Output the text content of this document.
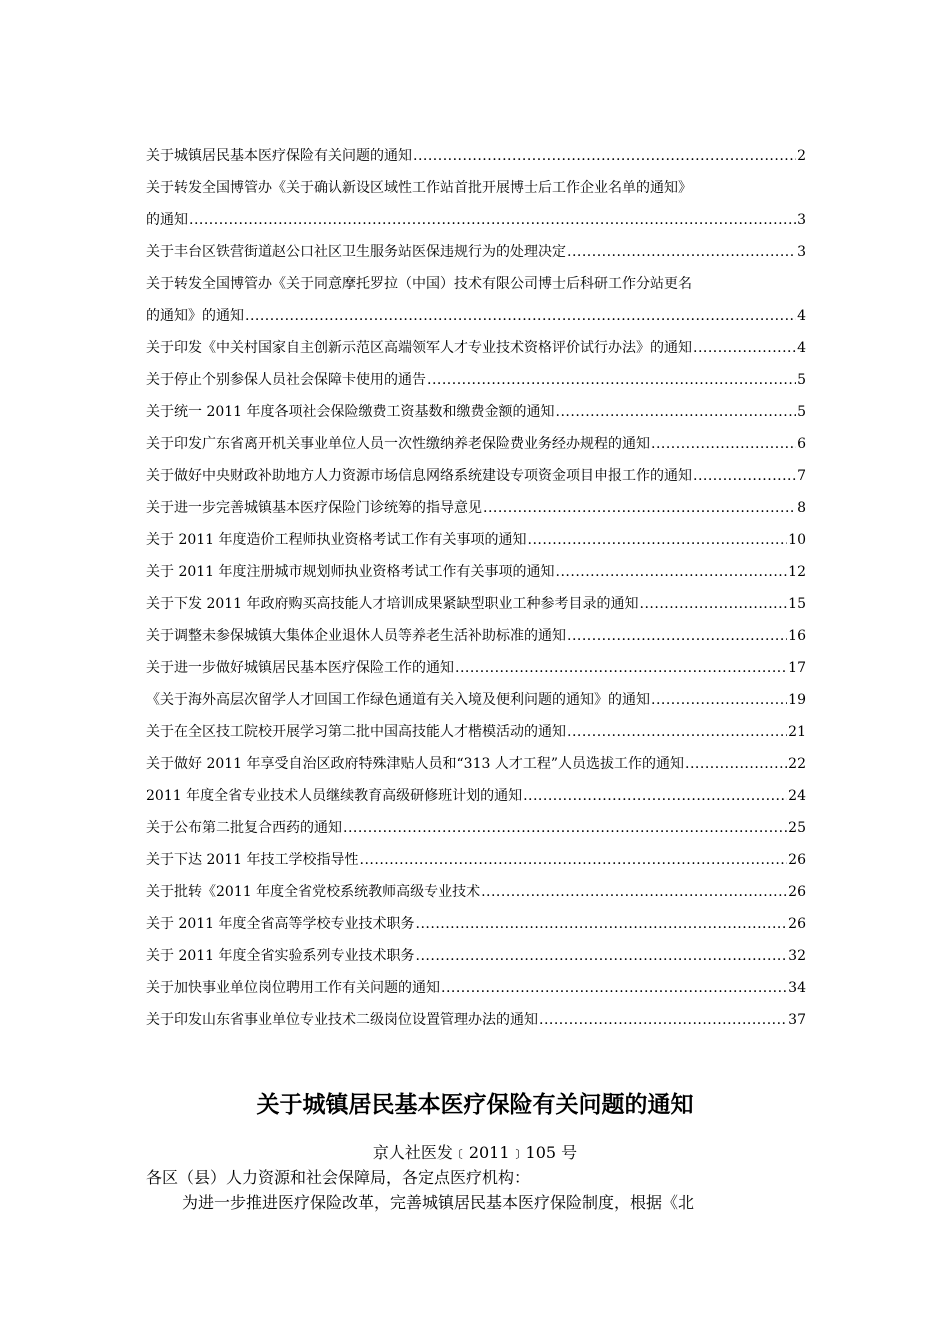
关于城镇居民基本医疗保险有关问题的通知 .....	2
关于转发全国博管办《关于确认新设区域性工作站首批开展博士后工作企业名单的通知》
的通知 .....	3
关于丰台区铁营街道赵公口社区卫生服务站医保违规行为的处理决定 .....	3
关于转发全国博管办《关于同意摩托罗拉（中国）技术有限公司博士后科研工作分站更名
的通知》的通知 .....	4
关于印发《中关村国家自主创新示范区高端领军人才专业技术资格评价试行办法》的通知 .....	4
关于停止个别参保人员社会保障卡使用的通告 .....	5
关于统一 2011 年度各项社会保险缴费工资基数和缴费金额的通知 .....	5
关于印发广东省离开机关事业单位人员一次性缴纳养老保险费业务经办规程的通知 .....	6
关于做好中央财政补助地方人力资源市场信息网络系统建设专项资金项目申报工作的通知 .....	7
关于进一步完善城镇基本医疗保险门诊统筹的指导意见 .....	8
关于 2011 年度造价工程师执业资格考试工作有关事项的通知 .....	10
关于 2011 年度注册城市规划师执业资格考试工作有关事项的通知 .....	12
关于下发 2011 年政府购买高技能人才培训成果紧缺型职业工种参考目录的通知 .....	15
关于调整未参保城镇大集体企业退休人员等养老生活补助标准的通知 .....	16
关于进一步做好城镇居民基本医疗保险工作的通知 .....	17
《关于海外高层次留学人才回国工作绿色通道有关入境及便利问题的通知》的通知 .....	19
关于在全区技工院校开展学习第二批中国高技能人才楷模活动的通知 .....	21
关于做好 2011 年享受自治区政府特殊津贴人员和“313 人才工程”人员选拔工作的通知 .....	22
2011 年度全省专业技术人员继续教育高级研修班计划的通知 .....	24
关于公布第二批复合西药的通知 .....	25
关于下达 2011 年技工学校指导性 .....	26
关于批转《2011 年度全省党校系统教师高级专业技术 .....	26
关于 2011 年度全省高等学校专业技术职务 .....	26
关于 2011 年度全省实验系列专业技术职务 .....	32
关于加快事业单位岗位聘用工作有关问题的通知 .....	34
关于印发山东省事业单位专业技术二级岗位设置管理办法的通知 .....	37
关于城镇居民基本医疗保险有关问题的通知
京人社医发﹝2011﹞105 号
各区（县）人力资源和社会保障局，各定点医疗机构：
为进一步推进医疗保险改革，完善城镇居民基本医疗保险制度，根据《北
